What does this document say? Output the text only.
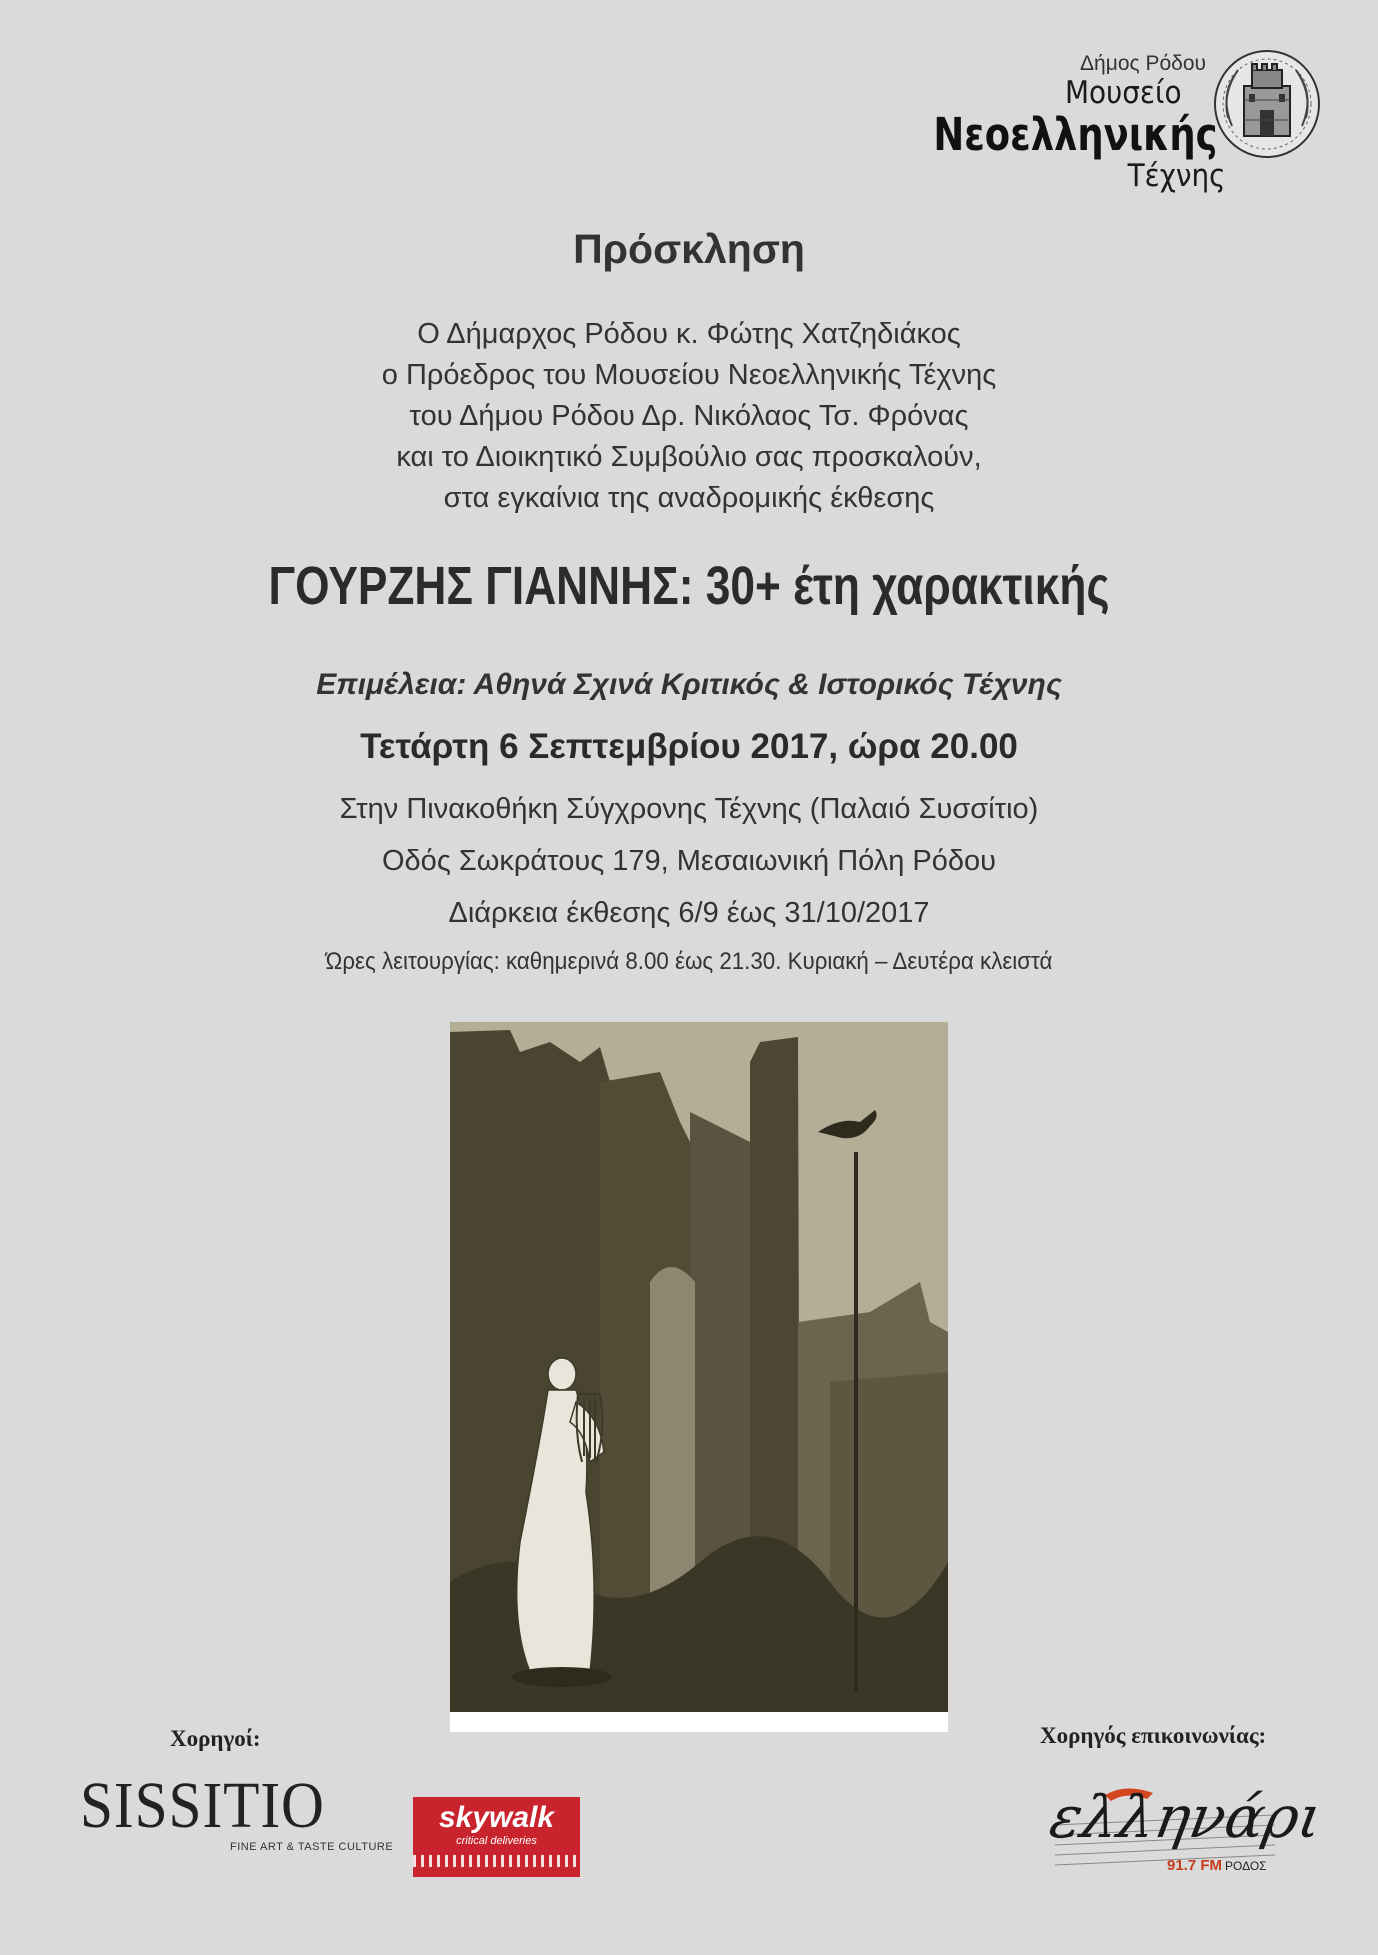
Δήμος Ρόδου
Μουσείο
Νεοελληνικής
Τέχνης
Πρόσκληση
Ο Δήμαρχος Ρόδου κ. Φώτης Χατζηδιάκος
ο Πρόεδρος του Μουσείου Νεοελληνικής Τέχνης
του Δήμου Ρόδου Δρ. Νικόλαος Τσ. Φρόνας
και το Διοικητικό Συμβούλιο σας προσκαλούν,
στα εγκαίνια της αναδρομικής έκθεσης
ΓΟΥΡΖΗΣ ΓΙΑΝΝΗΣ: 30+ έτη χαρακτικής
Επιμέλεια: Αθηνά Σχινά Κριτικός & Ιστορικός Τέχνης
Τετάρτη 6 Σεπτεμβρίου 2017, ώρα 20.00
Στην Πινακοθήκη Σύγχρονης Τέχνης (Παλαιό Συσσίτιο)
Οδός Σωκράτους 179, Μεσαιωνική Πόλη Ρόδου
Διάρκεια έκθεσης 6/9 έως 31/10/2017
Ώρες λειτουργίας: καθημερινά 8.00 έως 21.30. Κυριακή – Δευτέρα κλειστά
Χορηγοί:	Χορηγός επικοινωνίας:
SISSITIO
FINE ART & TASTE CULTURE
skywalk
critical deliveries	ελληνάρι
91.7 FM ΡΟΔΟΣ
